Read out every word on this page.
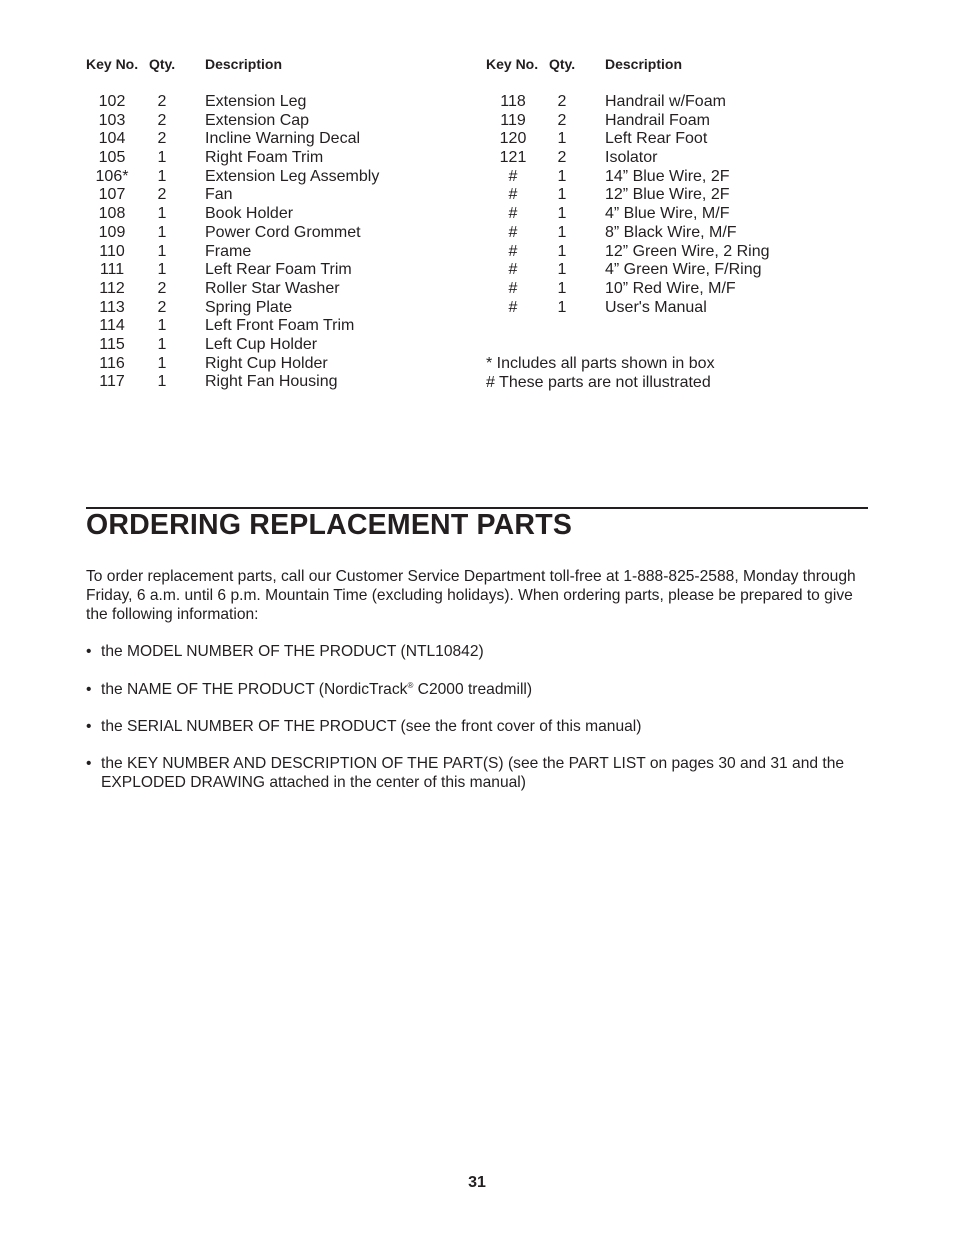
Key No. Qty. Description	Key No. Qty. Description
102	2	Extension Leg
103	2	Extension Cap
104	2	Incline Warning Decal
105	1	Right Foam Trim
106*	1	Extension Leg Assembly
107	2	Fan
108	1	Book Holder
109	1	Power Cord Grommet
110	1	Frame
111	1	Left Rear Foam Trim
112	2	Roller Star Washer
113	2	Spring Plate
114	1	Left Front Foam Trim
115	1	Left Cup Holder
116	1	Right Cup Holder
117	1	Right Fan Housing
118	2	Handrail w/Foam
119	2	Handrail Foam
120	1	Left Rear Foot
121	2	Isolator
#	1	14” Blue Wire, 2F
#	1	12” Blue Wire, 2F
#	1	4” Blue Wire, M/F
#	1	8” Black Wire, M/F
#	1	12” Green Wire, 2 Ring
#	1	4” Green Wire, F/Ring
#	1	10” Red Wire, M/F
#	1	User's Manual
* Includes all parts shown in box
# These parts are not illustrated
ORDERING REPLACEMENT PARTS
To order replacement parts, call our Customer Service Department toll-free at 1-888-825-2588, Monday through Friday, 6 a.m. until 6 p.m. Mountain Time (excluding holidays). When ordering parts, please be prepared to give the following information:
• the MODEL NUMBER OF THE PRODUCT (NTL10842)
• the NAME OF THE PRODUCT (NordicTrack® C2000 treadmill)
• the SERIAL NUMBER OF THE PRODUCT (see the front cover of this manual)
• the KEY NUMBER AND DESCRIPTION OF THE PART(S) (see the PART LIST on pages 30 and 31 and the EXPLODED DRAWING attached in the center of this manual)
31
